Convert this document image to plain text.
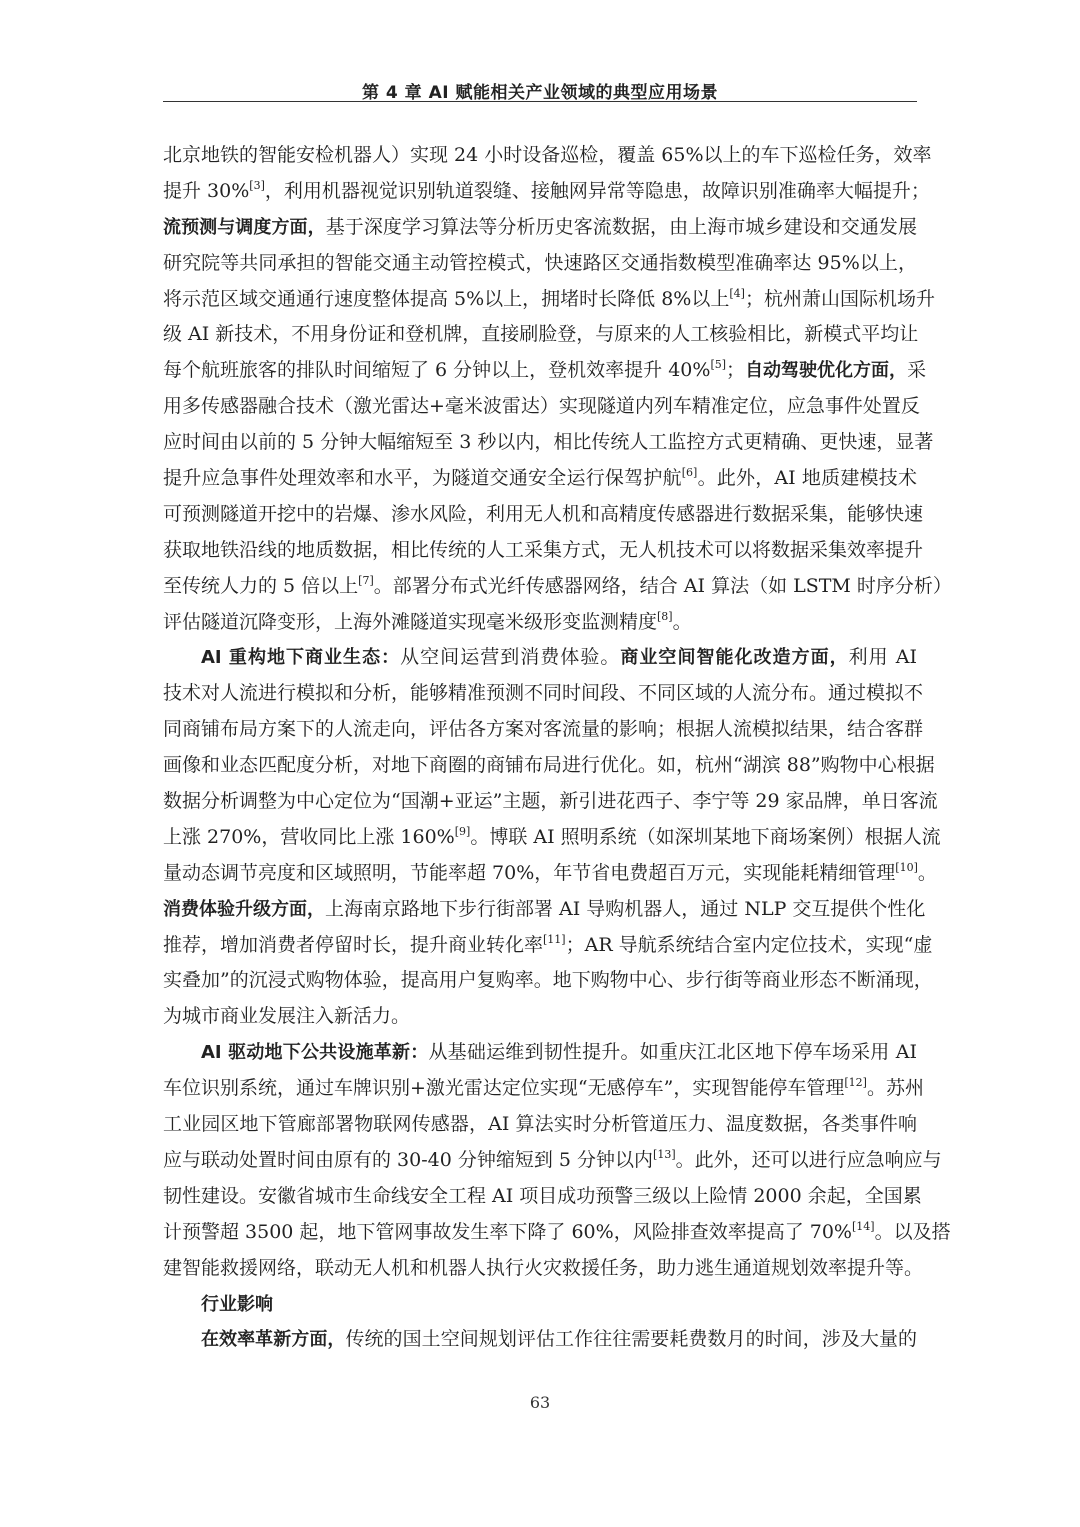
第 4 章 AI 赋能相关产业领域的典型应用场景
北京地铁的智能安检机器人）实现 24 小时设备巡检，覆盖 65%以上的车下巡检任务，效率
提升 30%[3]，利用机器视觉识别轨道裂缝、接触网异常等隐患，故障识别准确率大幅提升；
流预测与调度方面，基于深度学习算法等分析历史客流数据，由上海市城乡建设和交通发展
研究院等共同承担的智能交通主动管控模式，快速路区交通指数模型准确率达 95%以上，
将示范区域交通通行速度整体提高 5%以上，拥堵时长降低 8%以上[4]；杭州萧山国际机场升
级 AI 新技术，不用身份证和登机牌，直接刷脸登，与原来的人工核验相比，新模式平均让
每个航班旅客的排队时间缩短了 6 分钟以上，登机效率提升 40%[5]；自动驾驶优化方面，采
用多传感器融合技术（激光雷达+毫米波雷达）实现隧道内列车精准定位，应急事件处置反
应时间由以前的 5 分钟大幅缩短至 3 秒以内，相比传统人工监控方式更精确、更快速，显著
提升应急事件处理效率和水平，为隧道交通安全运行保驾护航[6]。此外，AI 地质建模技术
可预测隧道开挖中的岩爆、渗水风险，利用无人机和高精度传感器进行数据采集，能够快速
获取地铁沿线的地质数据，相比传统的人工采集方式，无人机技术可以将数据采集效率提升
至传统人力的 5 倍以上[7]。部署分布式光纤传感器网络，结合 AI 算法（如 LSTM 时序分析）
评估隧道沉降变形，上海外滩隧道实现毫米级形变监测精度[8]。
AI 重构地下商业生态：从空间运营到消费体验。商业空间智能化改造方面，利用 AI
技术对人流进行模拟和分析，能够精准预测不同时间段、不同区域的人流分布。通过模拟不
同商铺布局方案下的人流走向，评估各方案对客流量的影响；根据人流模拟结果，结合客群
画像和业态匹配度分析，对地下商圈的商铺布局进行优化。如，杭州“湖滨 88”购物中心根据
数据分析调整为中心定位为“国潮+亚运”主题，新引进花西子、李宁等 29 家品牌，单日客流
上涨 270%，营收同比上涨 160%[9]。博联 AI 照明系统（如深圳某地下商场案例）根据人流
量动态调节亮度和区域照明，节能率超 70%，年节省电费超百万元，实现能耗精细管理[10]。
消费体验升级方面，上海南京路地下步行街部署 AI 导购机器人，通过 NLP 交互提供个性化
推荐，增加消费者停留时长，提升商业转化率[11]；AR 导航系统结合室内定位技术，实现“虚
实叠加”的沉浸式购物体验，提高用户复购率。地下购物中心、步行街等商业形态不断涌现，
为城市商业发展注入新活力。
AI 驱动地下公共设施革新：从基础运维到韧性提升。如重庆江北区地下停车场采用 AI
车位识别系统，通过车牌识别+激光雷达定位实现“无感停车”，实现智能停车管理[12]。苏州
工业园区地下管廊部署物联网传感器，AI 算法实时分析管道压力、温度数据，各类事件响
应与联动处置时间由原有的 30-40 分钟缩短到 5 分钟以内[13]。此外，还可以进行应急响应与
韧性建设。安徽省城市生命线安全工程 AI 项目成功预警三级以上险情 2000 余起，全国累
计预警超 3500 起，地下管网事故发生率下降了 60%，风险排查效率提高了 70%[14]。以及搭
建智能救援网络，联动无人机和机器人执行火灾救援任务，助力逃生通道规划效率提升等。
行业影响
在效率革新方面，传统的国土空间规划评估工作往往需要耗费数月的时间，涉及大量的
63
